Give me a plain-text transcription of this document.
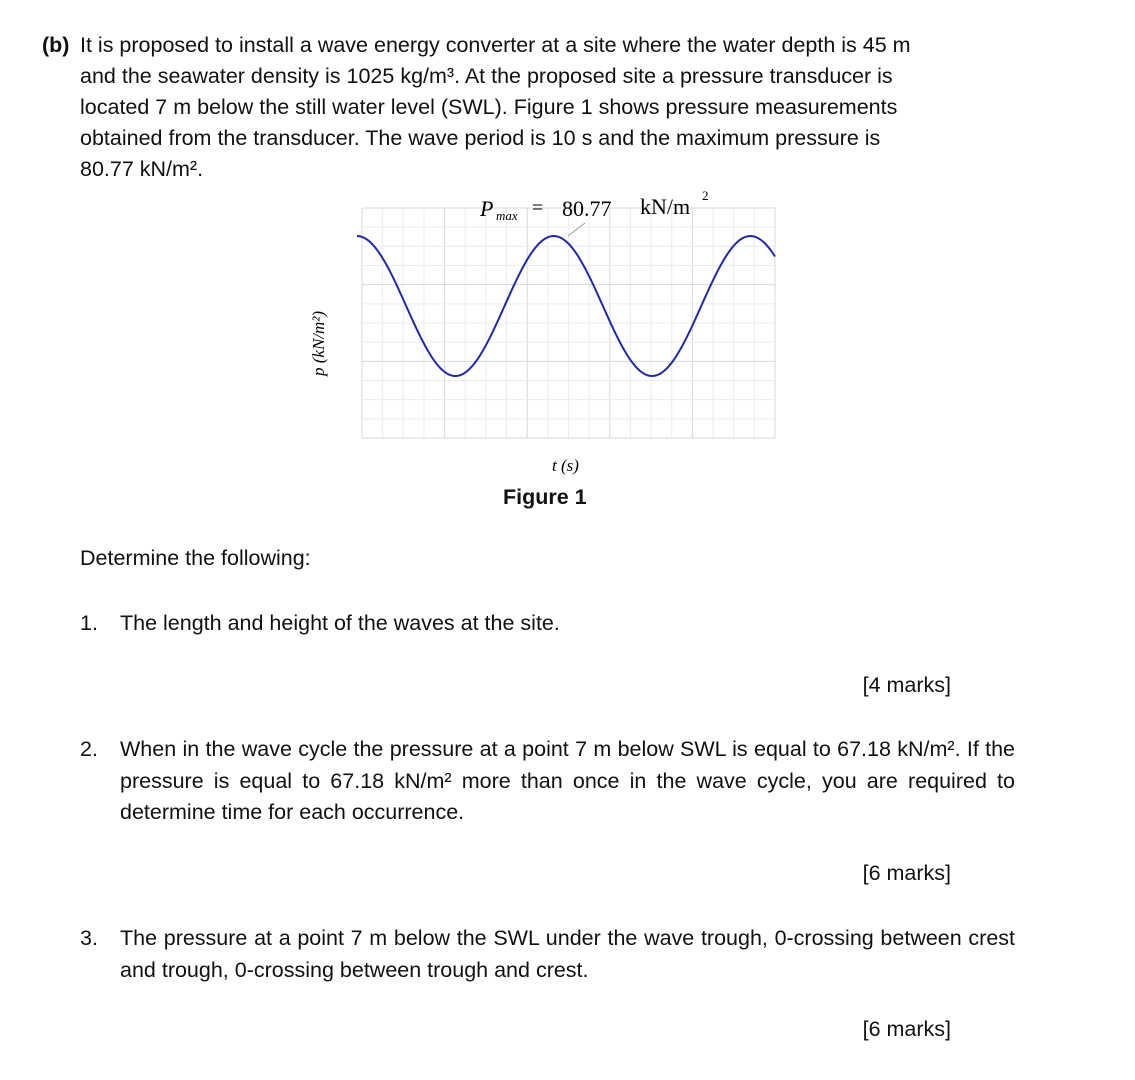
(b) It is proposed to install a wave energy converter at a site where the water depth is 45 m
and the seawater density is 1025 kg/m³. At the proposed site a pressure transducer is
located 7 m below the still water level (SWL). Figure 1 shows pressure measurements
obtained from the transducer. The wave period is 10 s and the maximum pressure is
80.77 kN/m².
P max = 80.77 kN/m 2
p (kN/m²)
t (s)
Figure 1
Determine the following:
1. The length and height of the waves at the site.
[4 marks]
2. When in the wave cycle the pressure at a point 7 m below SWL is equal to 67.18 kN/m². If the pressure is equal to 67.18 kN/m² more than once in the wave cycle, you are required to determine time for each occurrence.
[6 marks]
3. The pressure at a point 7 m below the SWL under the wave trough, 0-crossing between crest and trough, 0-crossing between trough and crest.
[6 marks]
